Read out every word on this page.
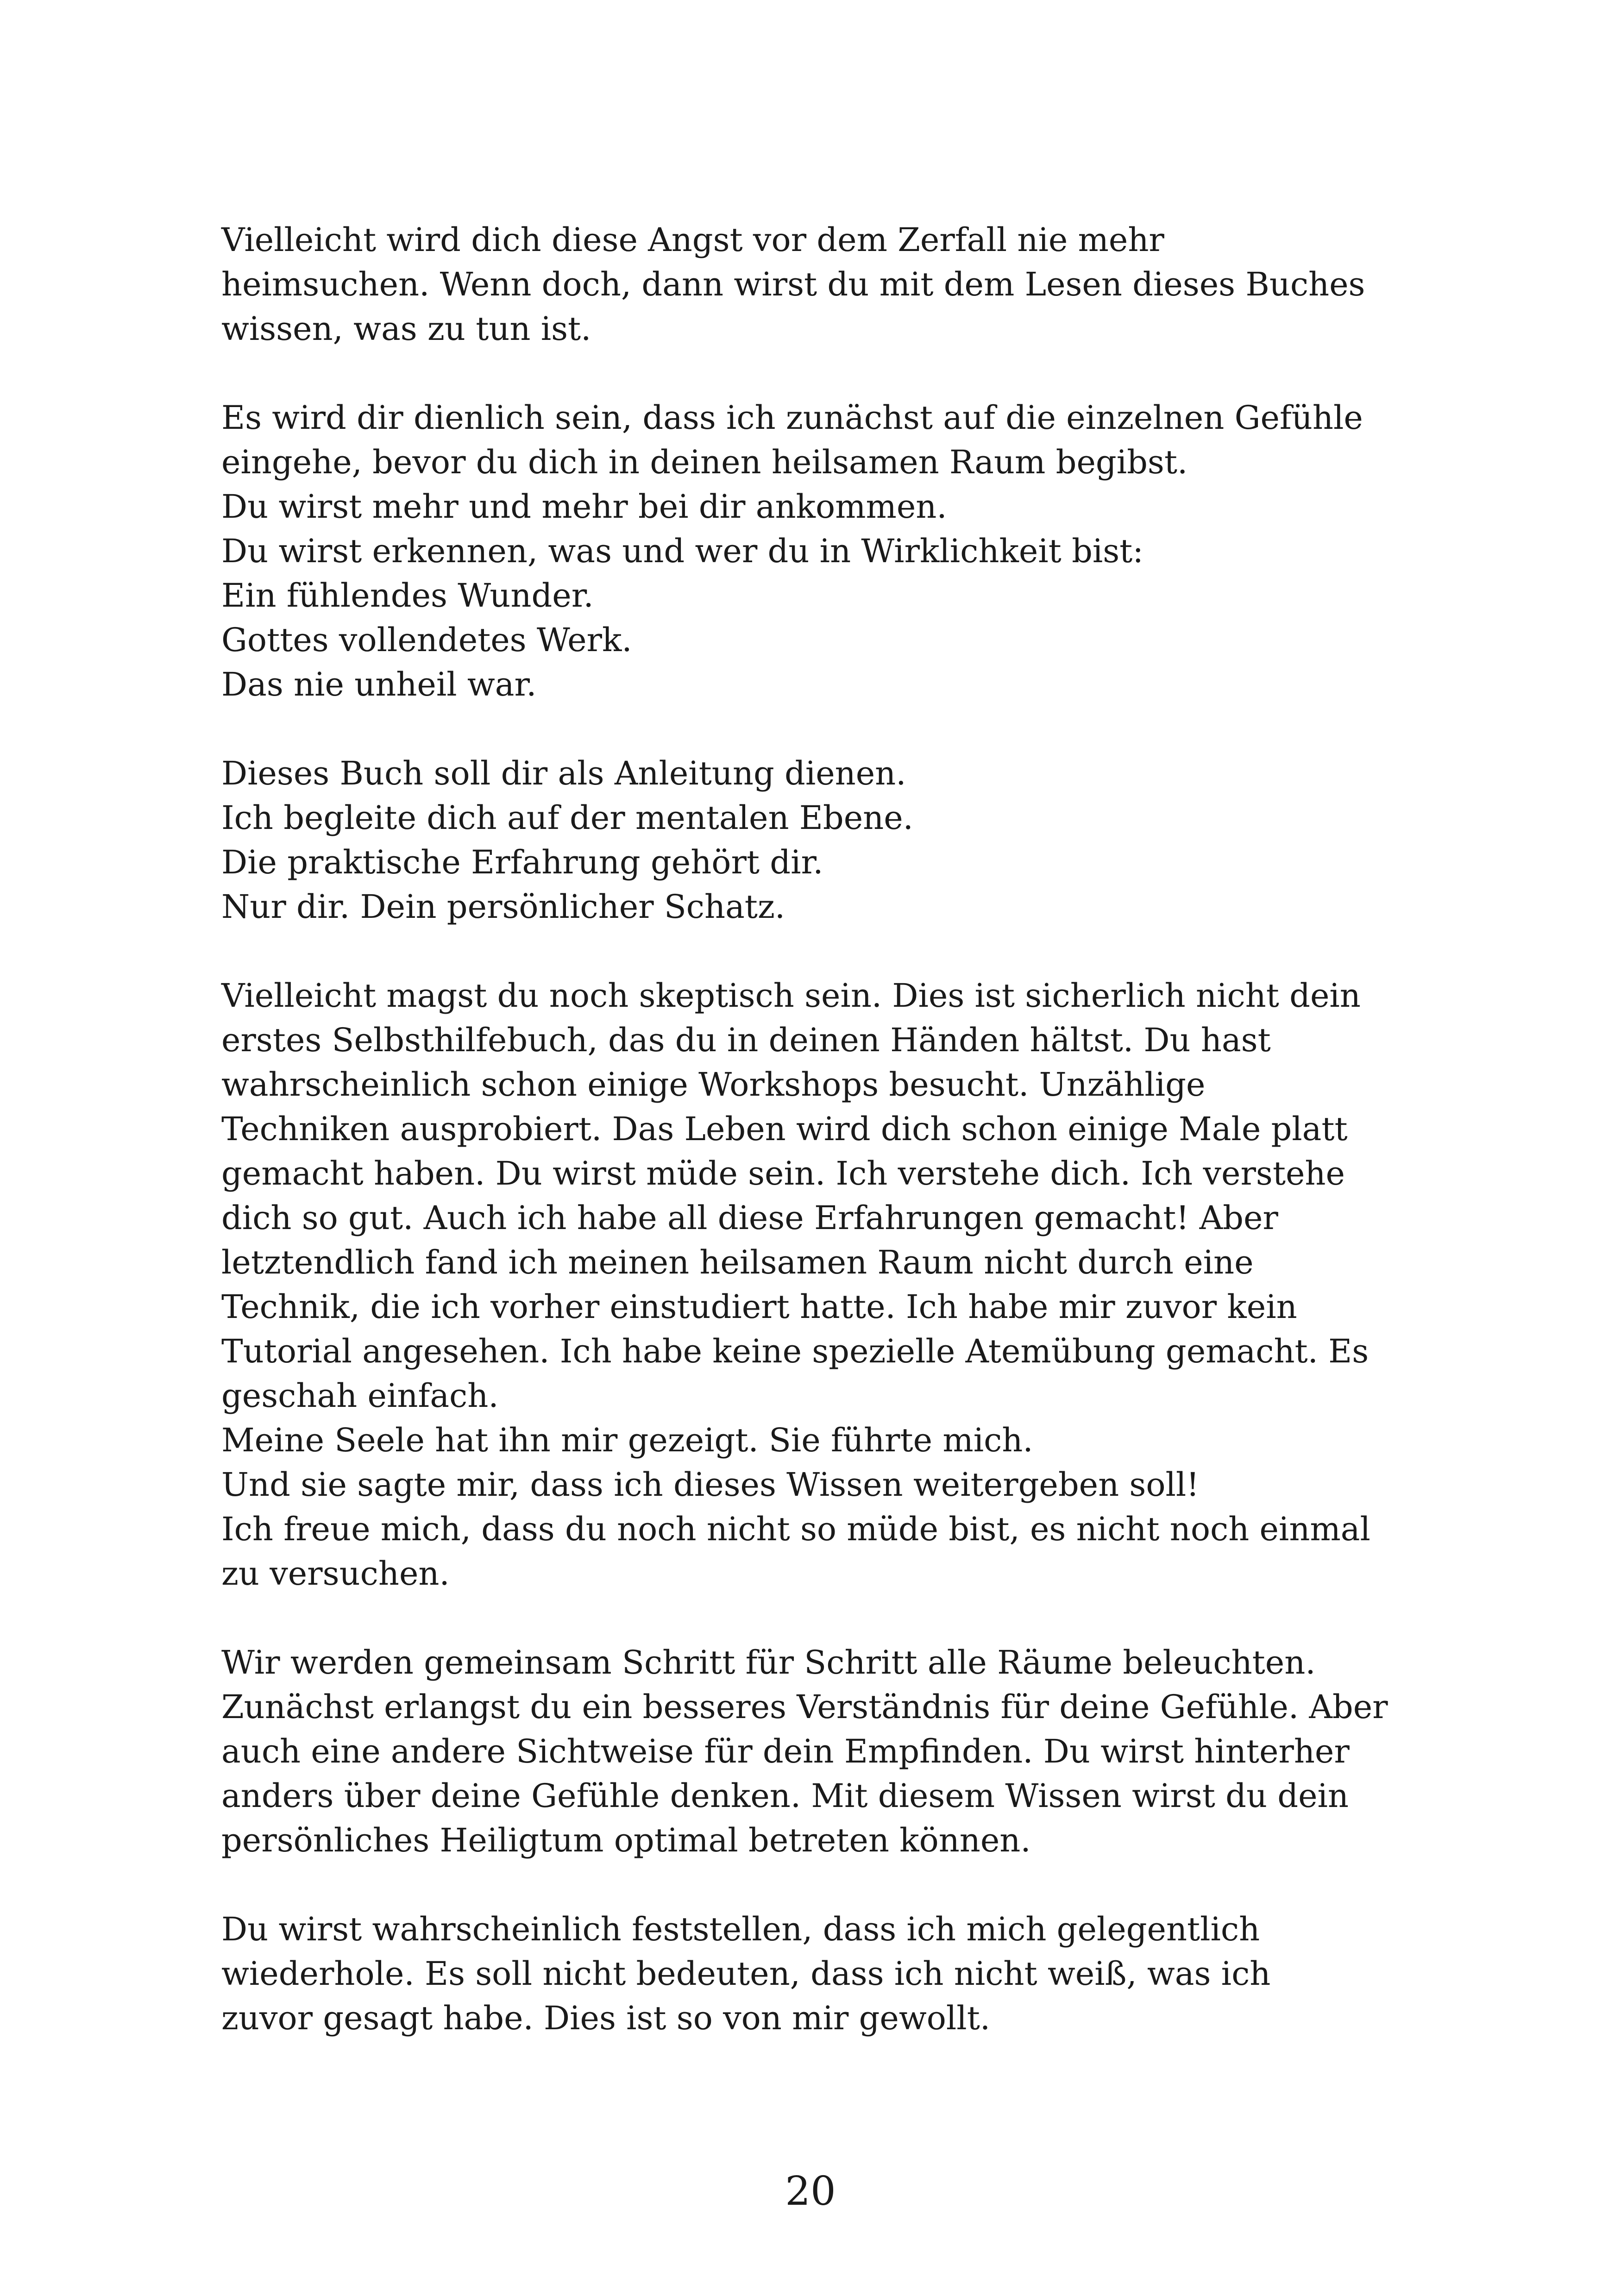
Vielleicht wird dich diese Angst vor dem Zerfall nie mehr
heimsuchen. Wenn doch, dann wirst du mit dem Lesen dieses Buches
wissen, was zu tun ist.
Es wird dir dienlich sein, dass ich zunächst auf die einzelnen Gefühle
eingehe, bevor du dich in deinen heilsamen Raum begibst.
Du wirst mehr und mehr bei dir ankommen.
Du wirst erkennen, was und wer du in Wirklichkeit bist:
Ein fühlendes Wunder.
Gottes vollendetes Werk.
Das nie unheil war.
Dieses Buch soll dir als Anleitung dienen.
Ich begleite dich auf der mentalen Ebene.
Die praktische Erfahrung gehört dir.
Nur dir. Dein persönlicher Schatz.
Vielleicht magst du noch skeptisch sein. Dies ist sicherlich nicht dein
erstes Selbsthilfebuch, das du in deinen Händen hältst. Du hast
wahrscheinlich schon einige Workshops besucht. Unzählige
Techniken ausprobiert. Das Leben wird dich schon einige Male platt
gemacht haben. Du wirst müde sein. Ich verstehe dich. Ich verstehe
dich so gut. Auch ich habe all diese Erfahrungen gemacht! Aber
letztendlich fand ich meinen heilsamen Raum nicht durch eine
Technik, die ich vorher einstudiert hatte. Ich habe mir zuvor kein
Tutorial angesehen. Ich habe keine spezielle Atemübung gemacht. Es
geschah einfach.
Meine Seele hat ihn mir gezeigt. Sie führte mich.
Und sie sagte mir, dass ich dieses Wissen weitergeben soll!
Ich freue mich, dass du noch nicht so müde bist, es nicht noch einmal
zu versuchen.
Wir werden gemeinsam Schritt für Schritt alle Räume beleuchten.
Zunächst erlangst du ein besseres Verständnis für deine Gefühle. Aber
auch eine andere Sichtweise für dein Empfinden. Du wirst hinterher
anders über deine Gefühle denken. Mit diesem Wissen wirst du dein
persönliches Heiligtum optimal betreten können.
Du wirst wahrscheinlich feststellen, dass ich mich gelegentlich
wiederhole. Es soll nicht bedeuten, dass ich nicht weiß, was ich
zuvor gesagt habe. Dies ist so von mir gewollt.
20
